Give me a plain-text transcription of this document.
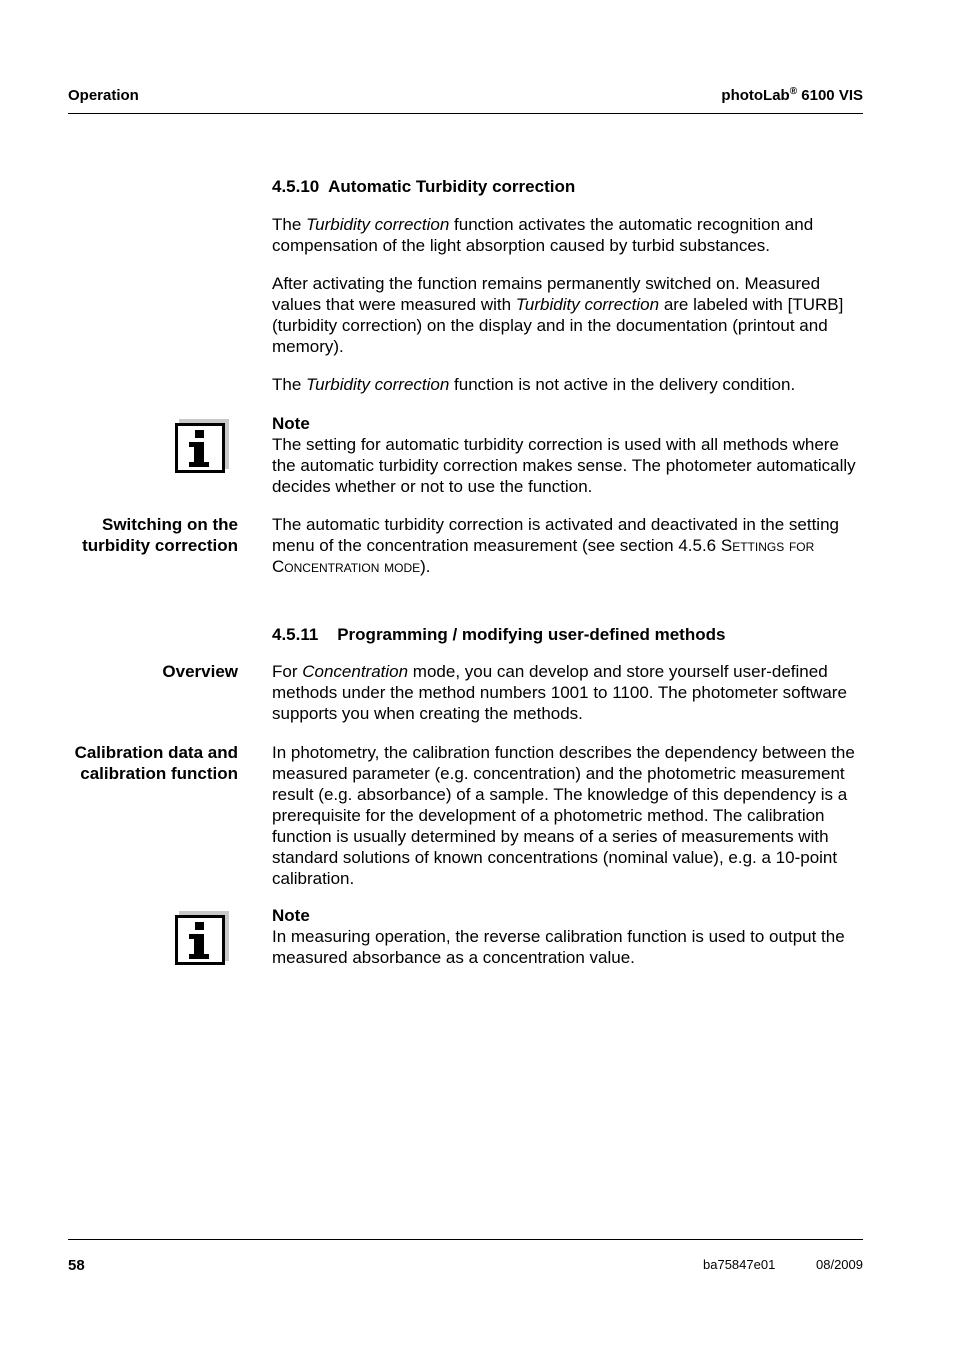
Operation	photoLab® 6100 VIS
4.5.10  Automatic Turbidity correction
The Turbidity correction function activates the automatic recognition and compensation of the light absorption caused by turbid substances.
After activating the function remains permanently switched on. Measured values that were measured with Turbidity correction are labeled with [TURB] (turbidity correction) on the display and in the documentation (printout and memory).
The Turbidity correction function is not active in the delivery condition.
Note
The setting for automatic turbidity correction is used with all methods where the automatic turbidity correction makes sense. The photometer automatically decides whether or not to use the function.
Switching on the
turbidity correction
The automatic turbidity correction is activated and deactivated in the setting menu of the concentration measurement (see section 4.5.6 Settings for Concentration mode).
4.5.11    Programming / modifying user-defined methods
Overview For Concentration mode, you can develop and store yourself user-defined methods under the method numbers 1001 to 1100. The photometer software supports you when creating the methods.
Calibration data and
calibration function
In photometry, the calibration function describes the dependency between the measured parameter (e.g. concentration) and the photometric measurement result (e.g. absorbance) of a sample. The knowledge of this dependency is a prerequisite for the development of a photometric method. The calibration function is usually determined by means of a series of measurements with standard solutions of known concentrations (nominal value), e.g. a 10-point calibration.
Note
In measuring operation, the reverse calibration function is used to output the measured absorbance as a concentration value.
58	ba75847e01	08/2009
